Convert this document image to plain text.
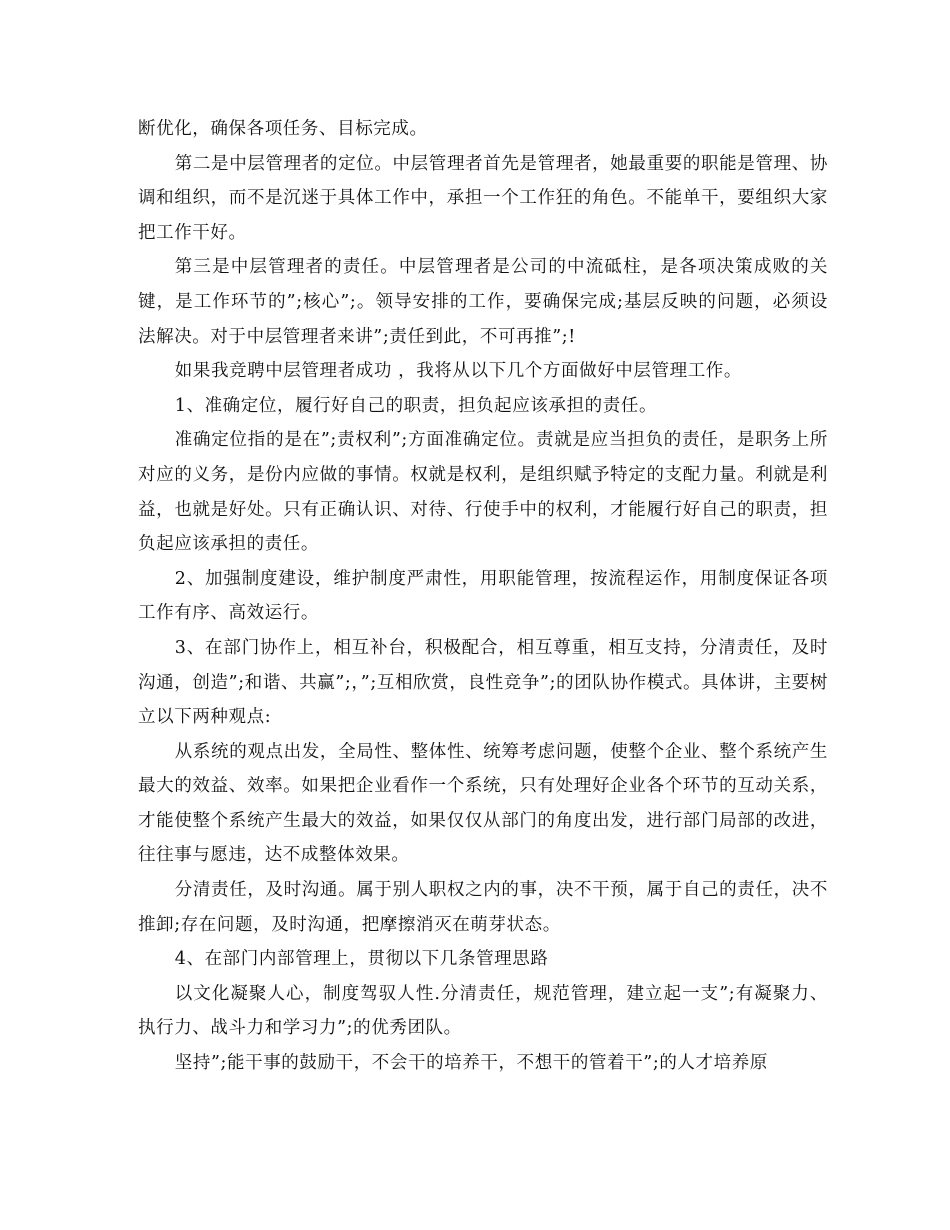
断优化，确保各项任务、目标完成。

第二是中层管理者的定位。中层管理者首先是管理者，她最重要的职能是管理、协调和组织，而不是沉迷于具体工作中，承担一个工作狂的角色。不能单干，要组织大家把工作干好。

第三是中层管理者的责任。中层管理者是公司的中流砥柱，是各项决策成败的关键，是工作环节的”;核心”;。领导安排的工作，要确保完成;基层反映的问题，必须设法解决。对于中层管理者来讲”;责任到此，不可再推”;!

如果我竞聘中层管理者成功 ，我将从以下几个方面做好中层管理工作。

1、准确定位，履行好自己的职责，担负起应该承担的责任。

准确定位指的是在”;责权利”;方面准确定位。责就是应当担负的责任，是职务上所对应的义务，是份内应做的事情。权就是权利，是组织赋予特定的支配力量。利就是利益，也就是好处。只有正确认识、对待、行使手中的权利，才能履行好自己的职责，担负起应该承担的责任。

2、加强制度建设，维护制度严肃性，用职能管理，按流程运作，用制度保证各项工作有序、高效运行。

3、在部门协作上，相互补台，积极配合，相互尊重，相互支持，分清责任，及时沟通，创造”;和谐、共赢”;，”;互相欣赏，良性竞争”;的团队协作模式。具体讲，主要树立以下两种观点:

从系统的观点出发，全局性、整体性、统筹考虑问题，使整个企业、整个系统产生最大的效益、效率。如果把企业看作一个系统，只有处理好企业各个环节的互动关系，才能使整个系统产生最大的效益，如果仅仅从部门的角度出发，进行部门局部的改进，往往事与愿违，达不成整体效果。

分清责任，及时沟通。属于别人职权之内的事，决不干预，属于自己的责任，决不推卸;存在问题，及时沟通，把摩擦消灭在萌芽状态。

4、在部门内部管理上，贯彻以下几条管理思路

以文化凝聚人心，制度驾驭人性.分清责任，规范管理，建立起一支”;有凝聚力、执行力、战斗力和学习力”;的优秀团队。

坚持”;能干事的鼓励干，不会干的培养干，不想干的管着干”;的人才培养原
